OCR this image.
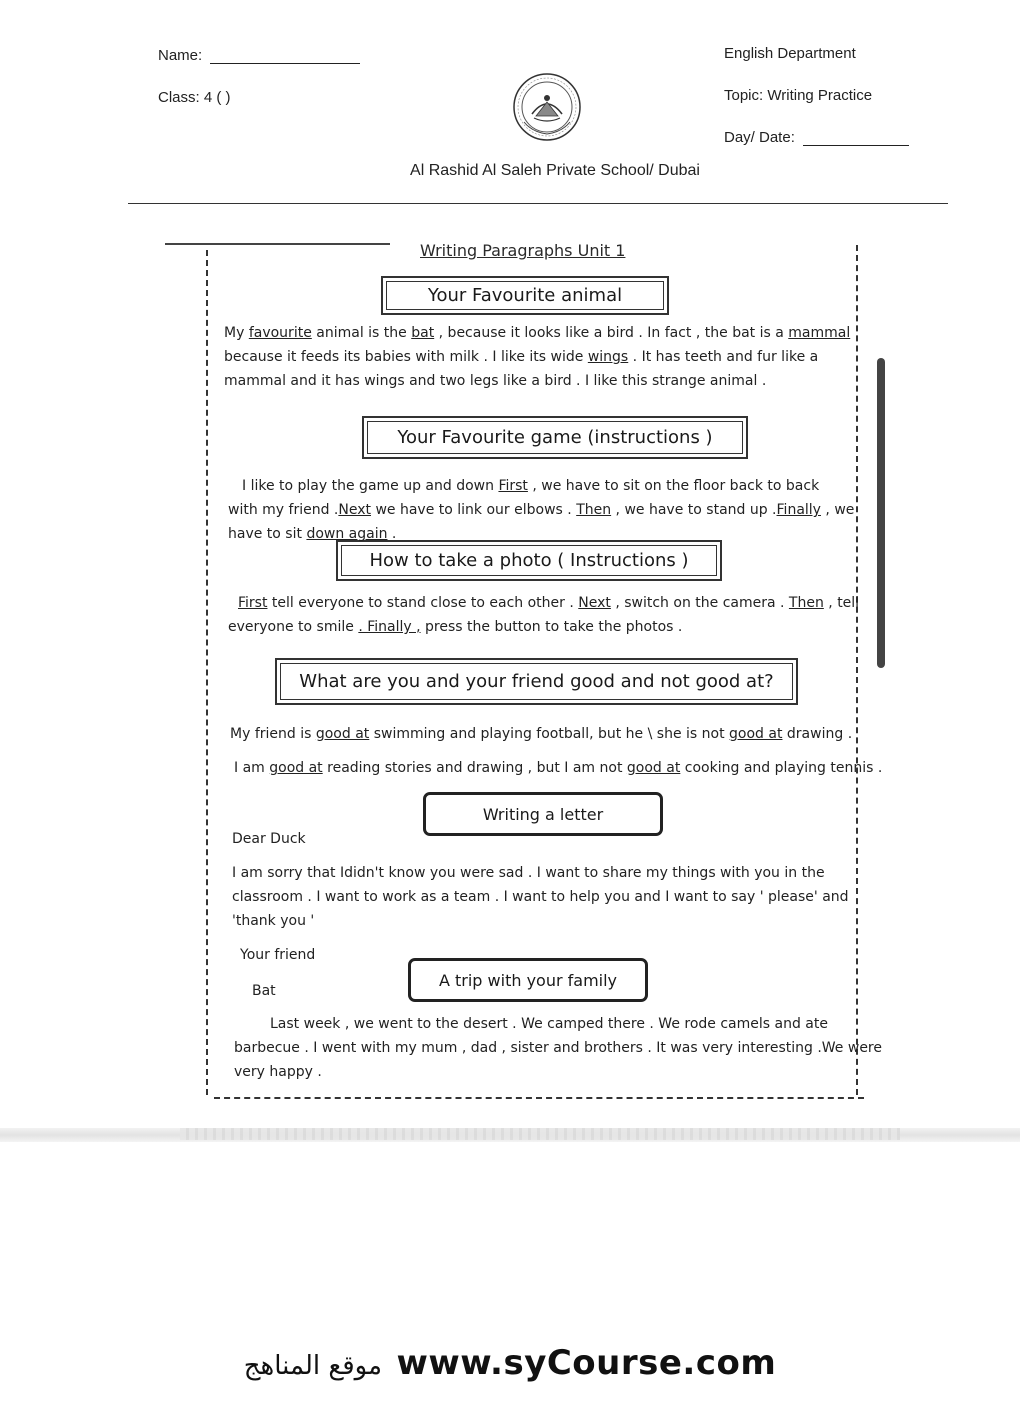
Name:
Class: 4 ( )
English Department
Topic: Writing Practice
Day/ Date:
Al Rashid Al Saleh Private School/ Dubai
Writing Paragraphs Unit 1
Your Favourite animal
Your Favourite game (instructions )
How to take a photo ( Instructions )
What are you and your friend good and not good at?
Writing a letter
A trip with your family
My favourite animal is the bat , because it looks like a bird . In fact , the bat is a mammal
because it feeds its babies with milk . I like its wide wings . It has teeth and fur like a
mammal and it has wings and two legs like a bird . I like this strange animal .
I like to play the game up and down First , we have to sit on the floor back to back
with my friend .Next we have to link our elbows . Then , we have to stand up .Finally , we
have to sit down again .
First tell everyone to stand close to each other . Next , switch on the camera . Then , tell
everyone to smile . Finally , press the button to take the photos .
My friend is good at swimming and playing football, but he \ she is not good at drawing .
I am good at reading stories and drawing , but I am not good at cooking and playing tennis .
Dear Duck
I am sorry that Ididn't know you were sad . I want to share my things with you in the
classroom . I want to work as a team . I want to help you and I want to say ' please' and
'thank you '
Your friend
Bat
Last week , we went to the desert . We camped there . We rode camels and ate
barbecue . I went with my mum , dad , sister and brothers . It was very interesting .We were
very happy .
موقع المناهج www.syCourse.com
